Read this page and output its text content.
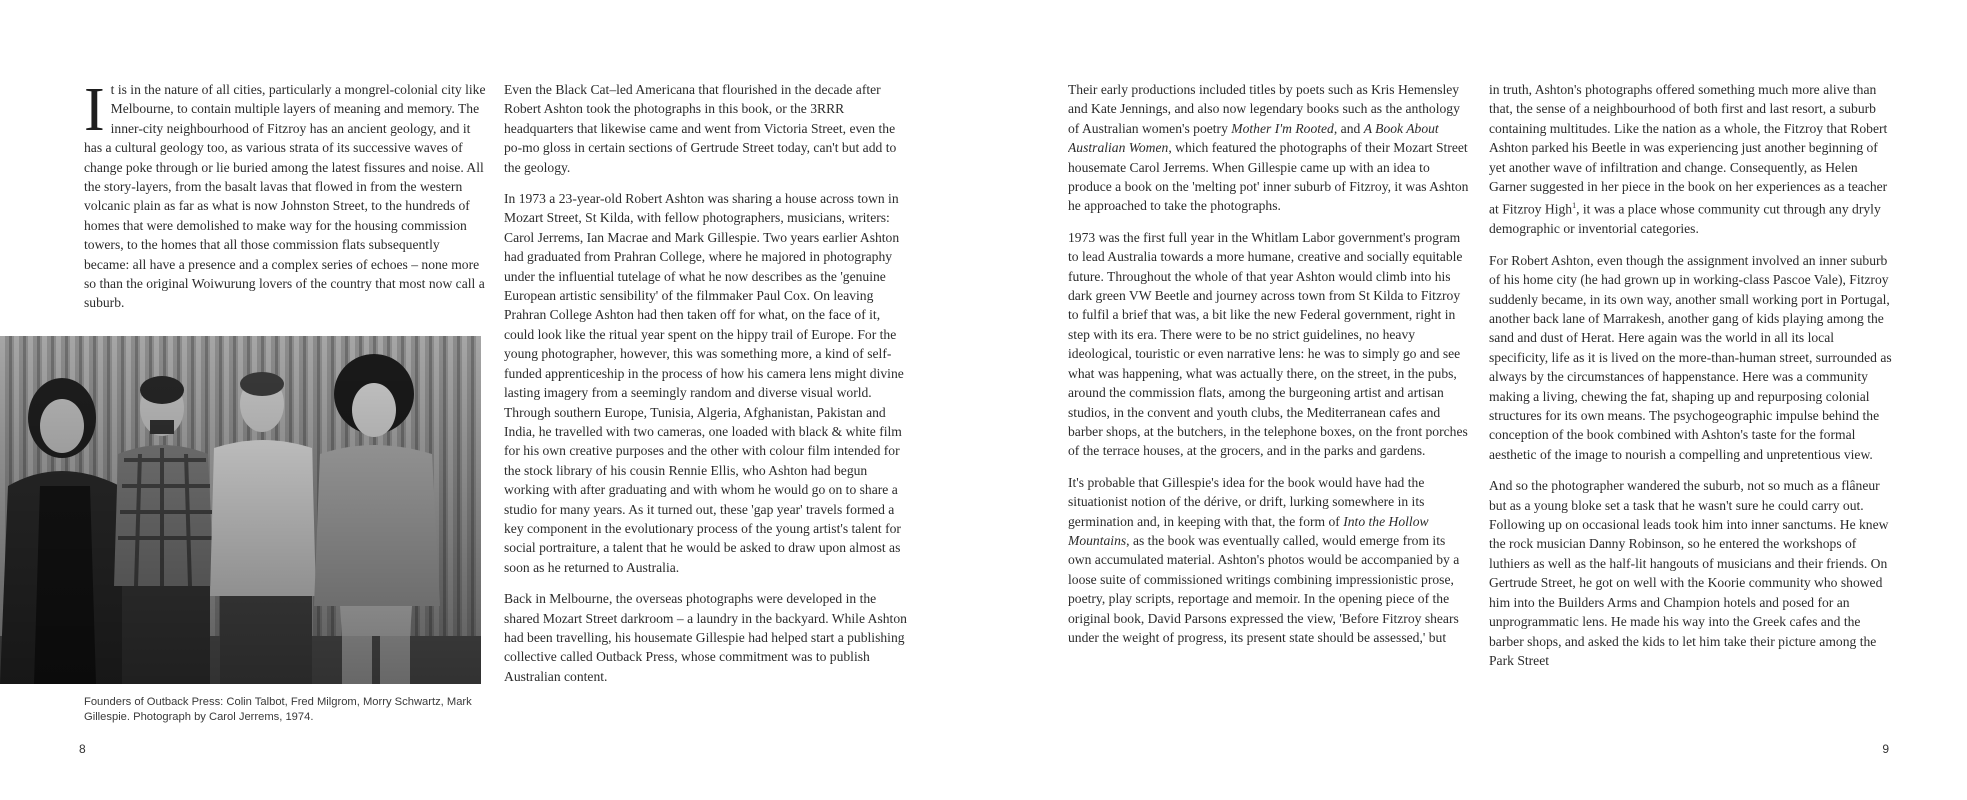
It is in the nature of all cities, particularly a mongrel-colonial city like Melbourne, to contain multiple layers of meaning and memory. The inner-city neighbourhood of Fitzroy has an ancient geology, and it has a cultural geology too, as various strata of its successive waves of change poke through or lie buried among the latest fissures and noise. All the story-layers, from the basalt lavas that flowed in from the western volcanic plain as far as what is now Johnston Street, to the hundreds of homes that were demolished to make way for the housing commission towers, to the homes that all those commission flats subsequently became: all have a presence and a complex series of echoes – none more so than the original Woiwurung lovers of the country that most now call a suburb.

Even the Black Cat–led Americana that flourished in the decade after Robert Ashton took the photographs in this book, or the 3RRR headquarters that likewise came and went from Victoria Street, even the po-mo gloss in certain sections of Gertrude Street today, can't but add to the geology.

In 1973 a 23-year-old Robert Ashton was sharing a house across town in Mozart Street, St Kilda, with fellow photographers, musicians, writers: Carol Jerrems, Ian Macrae and Mark Gillespie. Two years earlier Ashton had graduated from Prahran College, where he majored in photography under the influential tutelage of what he now describes as the 'genuine European artistic sensibility' of the filmmaker Paul Cox. On leaving Prahran College Ashton had then taken off for what, on the face of it, could look like the ritual year spent on the hippy trail of Europe. For the young photographer, however, this was something more, a kind of self-funded apprenticeship in the process of how his camera lens might divine lasting imagery from a seemingly random and diverse visual world. Through southern Europe, Tunisia, Algeria, Afghanistan, Pakistan and India, he travelled with two cameras, one loaded with black & white film for his own creative purposes and the other with colour film intended for the stock library of his cousin Rennie Ellis, who Ashton had begun working with after graduating and with whom he would go on to share a studio for many years. As it turned out, these 'gap year' travels formed a key component in the evolutionary process of the young artist's talent for social portraiture, a talent that he would be asked to draw upon almost as soon as he returned to Australia.

Back in Melbourne, the overseas photographs were developed in the shared Mozart Street darkroom – a laundry in the backyard. While Ashton had been travelling, his housemate Gillespie had helped start a publishing collective called Outback Press, whose commitment was to publish Australian content.

Founders of Outback Press: Colin Talbot, Fred Milgrom, Morry Schwartz, Mark Gillespie. Photograph by Carol Jerrems, 1974.
8

Their early productions included titles by poets such as Kris Hemensley and Kate Jennings, and also now legendary books such as the anthology of Australian women's poetry Mother I'm Rooted, and A Book About Australian Women, which featured the photographs of their Mozart Street housemate Carol Jerrems. When Gillespie came up with an idea to produce a book on the 'melting pot' inner suburb of Fitzroy, it was Ashton he approached to take the photographs.

1973 was the first full year in the Whitlam Labor government's program to lead Australia towards a more humane, creative and socially equitable future. Throughout the whole of that year Ashton would climb into his dark green VW Beetle and journey across town from St Kilda to Fitzroy to fulfil a brief that was, a bit like the new Federal government, right in step with its era. There were to be no strict guidelines, no heavy ideological, touristic or even narrative lens: he was to simply go and see what was happening, what was actually there, on the street, in the pubs, around the commission flats, among the burgeoning artist and artisan studios, in the convent and youth clubs, the Mediterranean cafes and barber shops, at the butchers, in the telephone boxes, on the front porches of the terrace houses, at the grocers, and in the parks and gardens.

It's probable that Gillespie's idea for the book would have had the situationist notion of the dérive, or drift, lurking somewhere in its germination and, in keeping with that, the form of Into the Hollow Mountains, as the book was eventually called, would emerge from its own accumulated material. Ashton's photos would be accompanied by a loose suite of commissioned writings combining impressionistic prose, poetry, play scripts, reportage and memoir. In the opening piece of the original book, David Parsons expressed the view, 'Before Fitzroy shears under the weight of progress, its present state should be assessed,' but

in truth, Ashton's photographs offered something much more alive than that, the sense of a neighbourhood of both first and last resort, a suburb containing multitudes. Like the nation as a whole, the Fitzroy that Robert Ashton parked his Beetle in was experiencing just another beginning of yet another wave of infiltration and change. Consequently, as Helen Garner suggested in her piece in the book on her experiences as a teacher at Fitzroy High$^1$, it was a place whose community cut through any dryly demographic or inventorial categories.

For Robert Ashton, even though the assignment involved an inner suburb of his home city (he had grown up in working-class Pascoe Vale), Fitzroy suddenly became, in its own way, another small working port in Portugal, another back lane of Marrakesh, another gang of kids playing among the sand and dust of Herat. Here again was the world in all its local specificity, life as it is lived on the more-than-human street, surrounded as always by the circumstances of happenstance. Here was a community making a living, chewing the fat, shaping up and repurposing colonial structures for its own means. The psychogeographic impulse behind the conception of the book combined with Ashton's taste for the formal aesthetic of the image to nourish a compelling and unpretentious view.

And so the photographer wandered the suburb, not so much as a flâneur but as a young bloke set a task that he wasn't sure he could carry out. Following up on occasional leads took him into inner sanctums. He knew the rock musician Danny Robinson, so he entered the workshops of luthiers as well as the half-lit hangouts of musicians and their friends. On Gertrude Street, he got on well with the Koorie community who showed him into the Builders Arms and Champion hotels and posed for an unprogrammatic lens. He made his way into the Greek cafes and the barber shops, and asked the kids to let him take their picture among the Park Street

9
